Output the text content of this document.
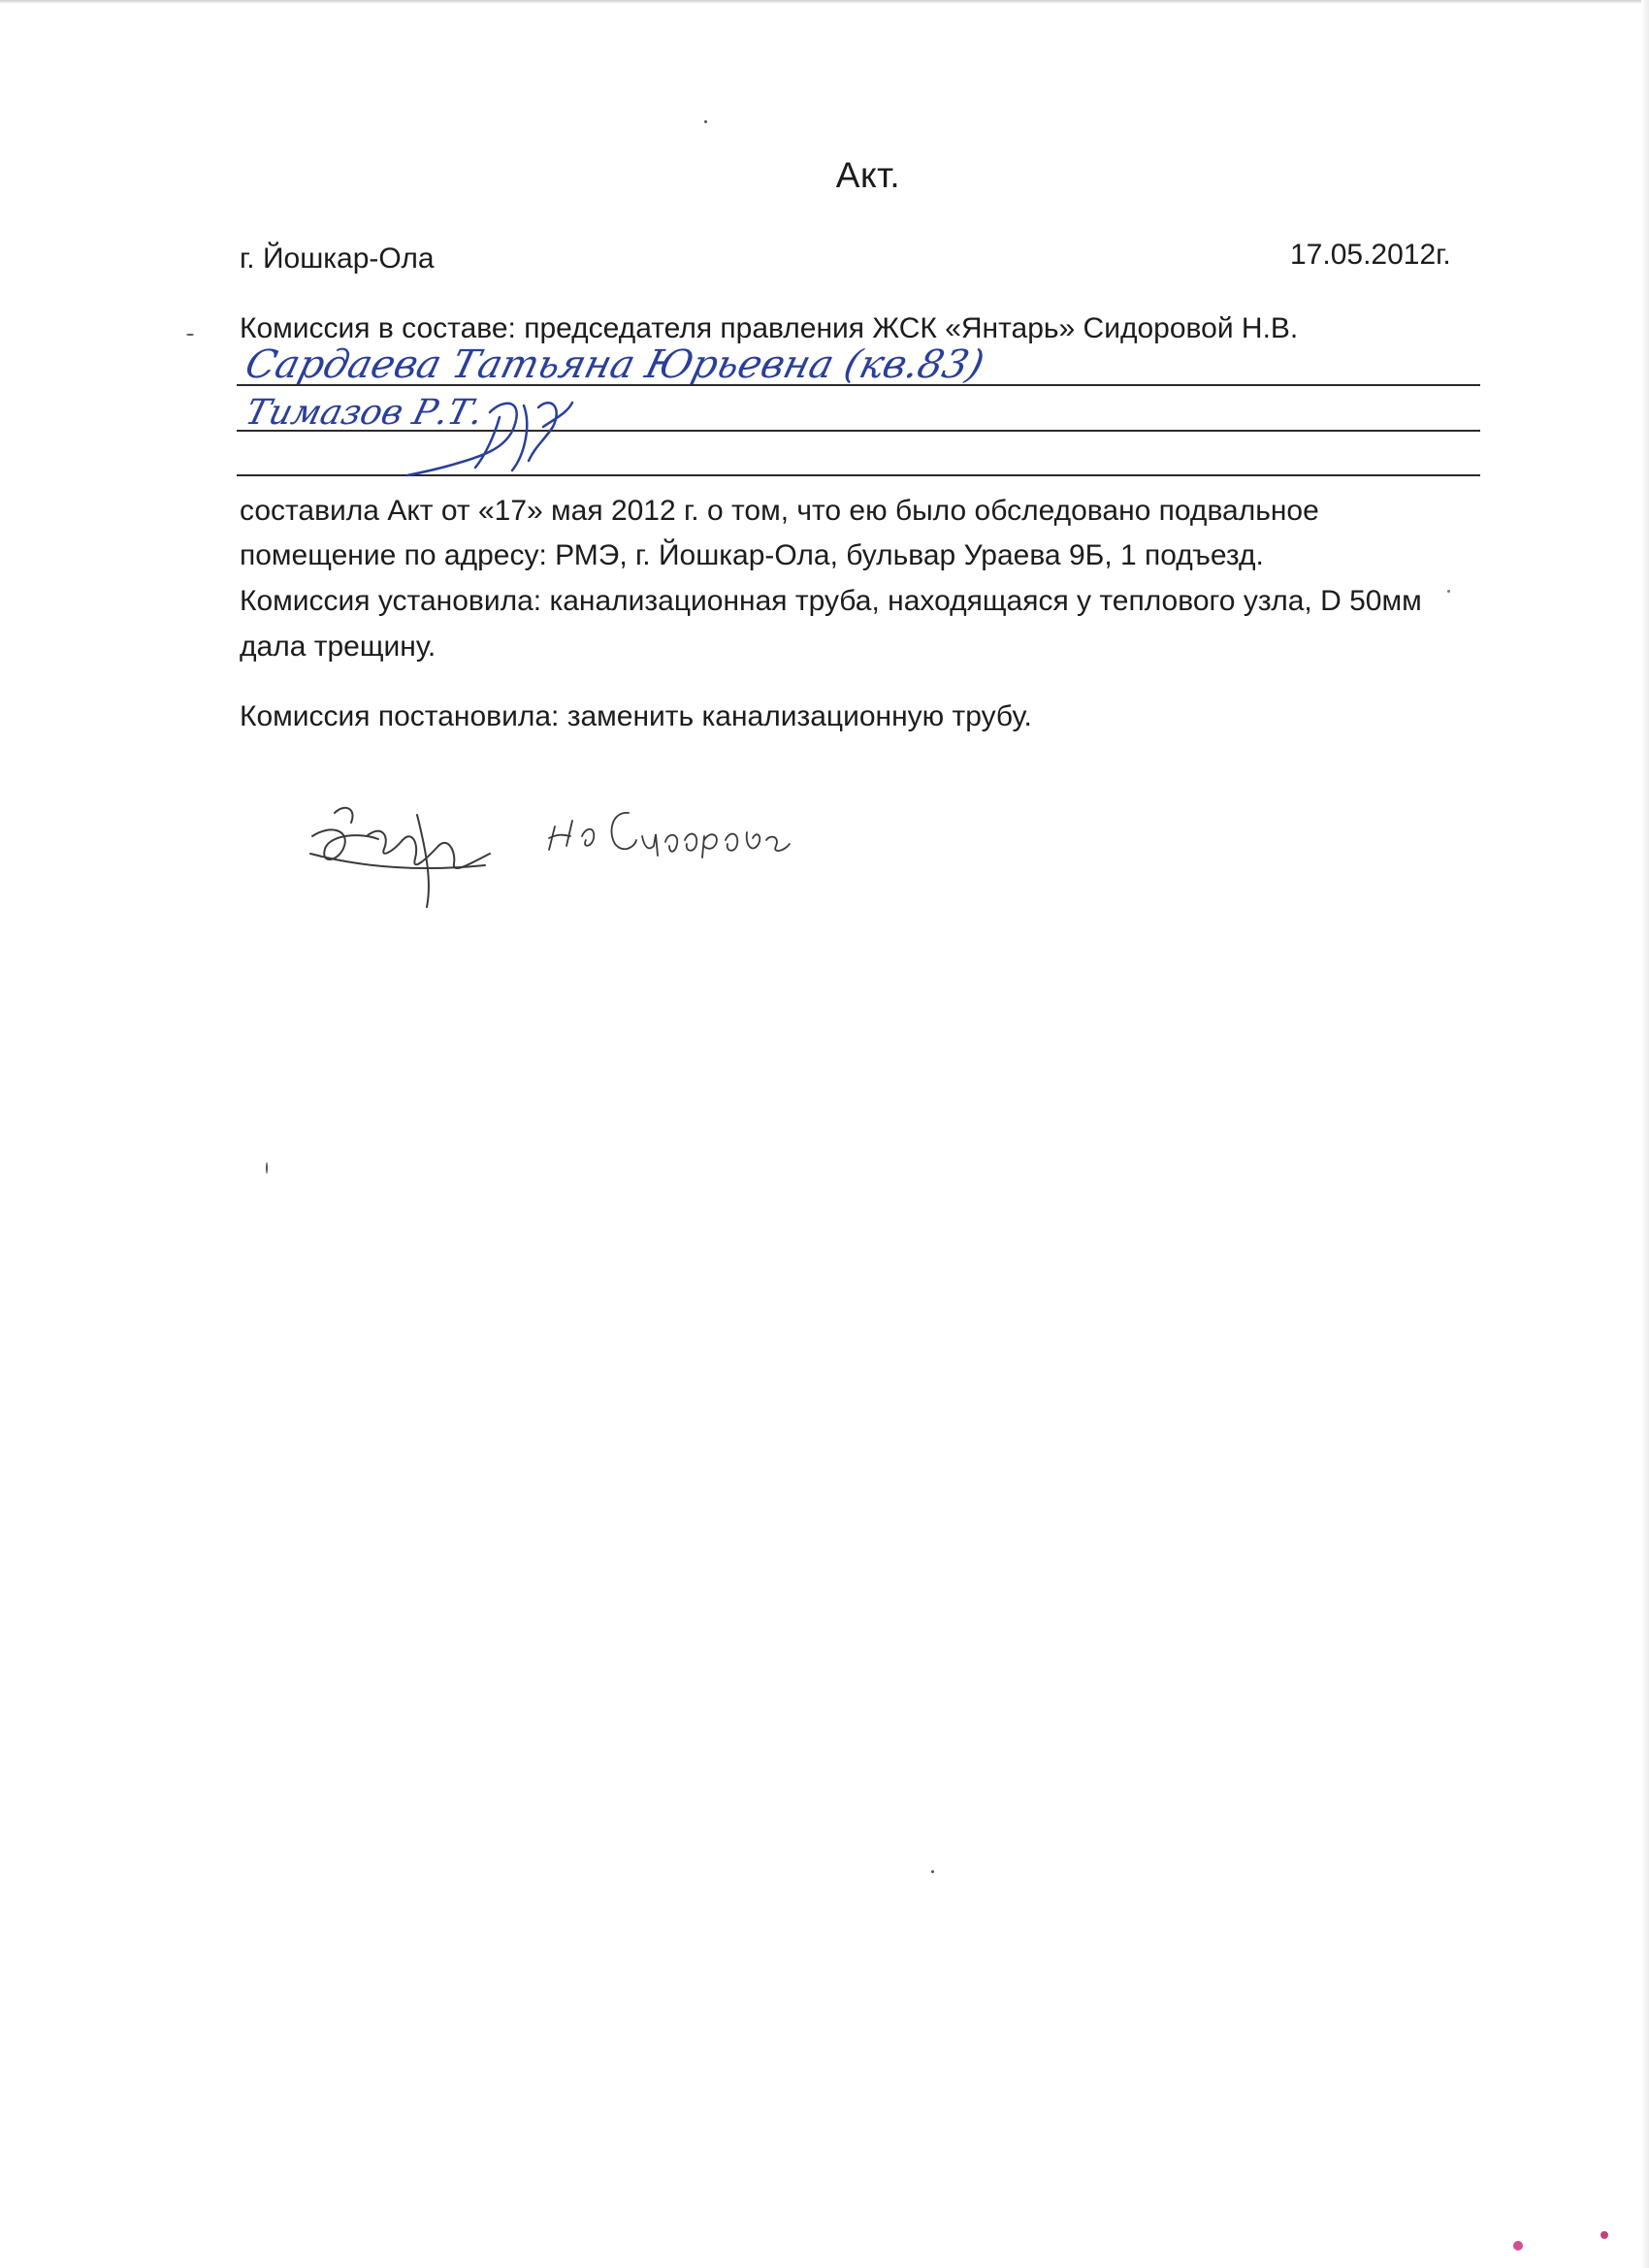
Акт.
г. Йошкар-Ола	17.05.2012г.
Комиссия в составе: председателя правления ЖСК «Янтарь» Сидоровой Н.В.
Сардаева Татьяна Юрьевна (кв.83)
Тимазов Р.Т.
составила Акт от «17» мая 2012 г. о том, что ею было обследовано подвальное
помещение по адресу: РМЭ, г. Йошкар-Ола, бульвар Ураева 9Б, 1 подъезд.
Комиссия установила: канализационная труба, находящаяся у теплового узла, D 50мм
дала трещину.
Комиссия постановила: заменить канализационную трубу.
